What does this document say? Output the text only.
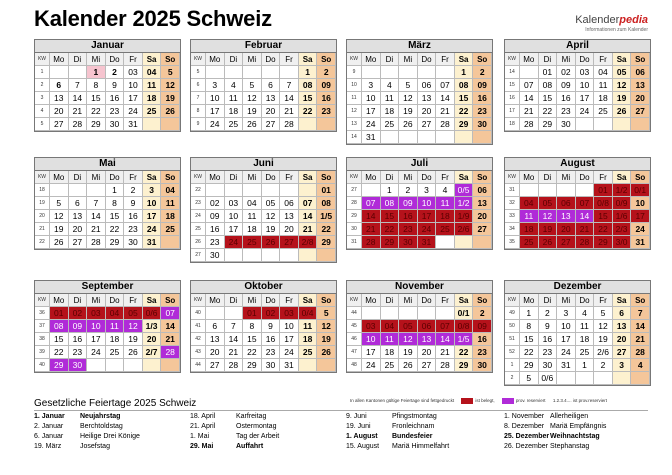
Kalender 2025 Schweiz	Kalenderpedia
Informationen zum Kalender
Januar
KW	Mo	Di	Mi	Do	Fr	Sa	So
1			1	2	03	04	5
2	6	7	8	9	10	11	12
3	13	14	15	16	17	18	19
4	20	21	22	23	24	25	26
5	27	28	29	30	31		
Februar
KW	Mo	Di	Mi	Do	Fr	Sa	So
5						1	2
6	3	4	5	6	7	08	09
7	10	11	12	13	14	15	16
8	17	18	19	20	21	22	23
9	24	25	26	27	28		
März
KW	Mo	Di	Mi	Do	Fr	Sa	So
9						1	2
10	3	4	5	06	07	08	09
11	10	11	12	13	14	15	16
12	17	18	19	20	21	22	23
13	24	25	26	27	28	29	30
14	31						
April
KW	Mo	Di	Mi	Do	Fr	Sa	So
14		01	02	03	04	05	06
15	07	08	09	10	11	12	13
16	14	15	16	17	18	19	20
17	21	22	23	24	25	26	27
18	28	29	30				
Mai
KW	Mo	Di	Mi	Do	Fr	Sa	So
18				1	2	3	04
19	5	6	7	8	9	10	11
20	12	13	14	15	16	17	18
21	19	20	21	22	23	24	25
22	26	27	28	29	30	31	
Juni
KW	Mo	Di	Mi	Do	Fr	Sa	So
22							01
23	02	03	04	05	06	07	08
24	09	10	11	12	13	14	1/5
25	16	17	18	19	20	21	22
26	23	24	25	26	27	2/8	29
27	30						
Juli
KW	Mo	Di	Mi	Do	Fr	Sa	So
27		1	2	3	4	0/5	06
28	07	08	09	10	11	1/2	13
29	14	15	16	17	18	1/9	20
30	21	22	23	24	25	2/6	27
31	28	29	30	31			
August
KW	Mo	Di	Mi	Do	Fr	Sa	So
31					01	1/2	0/1
32	04	05	06	07	0/8	0/9	10
33	11	12	13	14	15	1/6	17
34	18	19	20	21	22	2/3	24
35	25	26	27	28	29	3/0	31
September
KW	Mo	Di	Mi	Do	Fr	Sa	So
36	01	02	03	04	05	0/6	07
37	08	09	10	11	12	1/3	14
38	15	16	17	18	19	20	21
39	22	23	24	25	26	2/7	28
40	29	30					
Oktober
KW	Mo	Di	Mi	Do	Fr	Sa	So
40			01	02	03	0/4	5
41	6	7	8	9	10	11	12
42	13	14	15	16	17	18	19
43	20	21	22	23	24	25	26
44	27	28	29	30	31		
November
KW	Mo	Di	Mi	Do	Fr	Sa	So
44						0/1	2
45	03	04	05	06	07	0/8	09
46	10	11	12	13	14	1/5	16
47	17	18	19	20	21	22	23
48	24	25	26	27	28	29	30
Dezember
KW	Mo	Di	Mi	Do	Fr	Sa	So
49	1	2	3	4	5	6	7
50	8	9	10	11	12	13	14
51	15	16	17	18	19	20	21
52	22	23	24	25	2/6	27	28
1	29	30	31	1	2	3	4
2	5	0/6					
Gesetzliche Feiertage 2025 Schweiz	In allen Kantonen gültige Feiertage sind fettgedruckt	ist belegt,	prov. reserviert 1.2.3.4.... ist prov.reserviert
1. Januar Neujahrstag
2. Januar Berchtoldstag
6. Januar Heilige Drei Könige
19. März	Josefstag
18. April	Karfreitag
21. April	Ostermontag
1. Mai	Tag der Arbeit
29. Mai	Auffahrt
9. Juni	Pfingstmontag
19. Juni	Fronleichnam
1. August Bundesfeier
15. August Mariä Himmelfahrt
1. November Allerheiligen
8. Dezember Mariä Empfängnis
25. DezemberWeihnachtstag
26. Dezember Stephanstag
